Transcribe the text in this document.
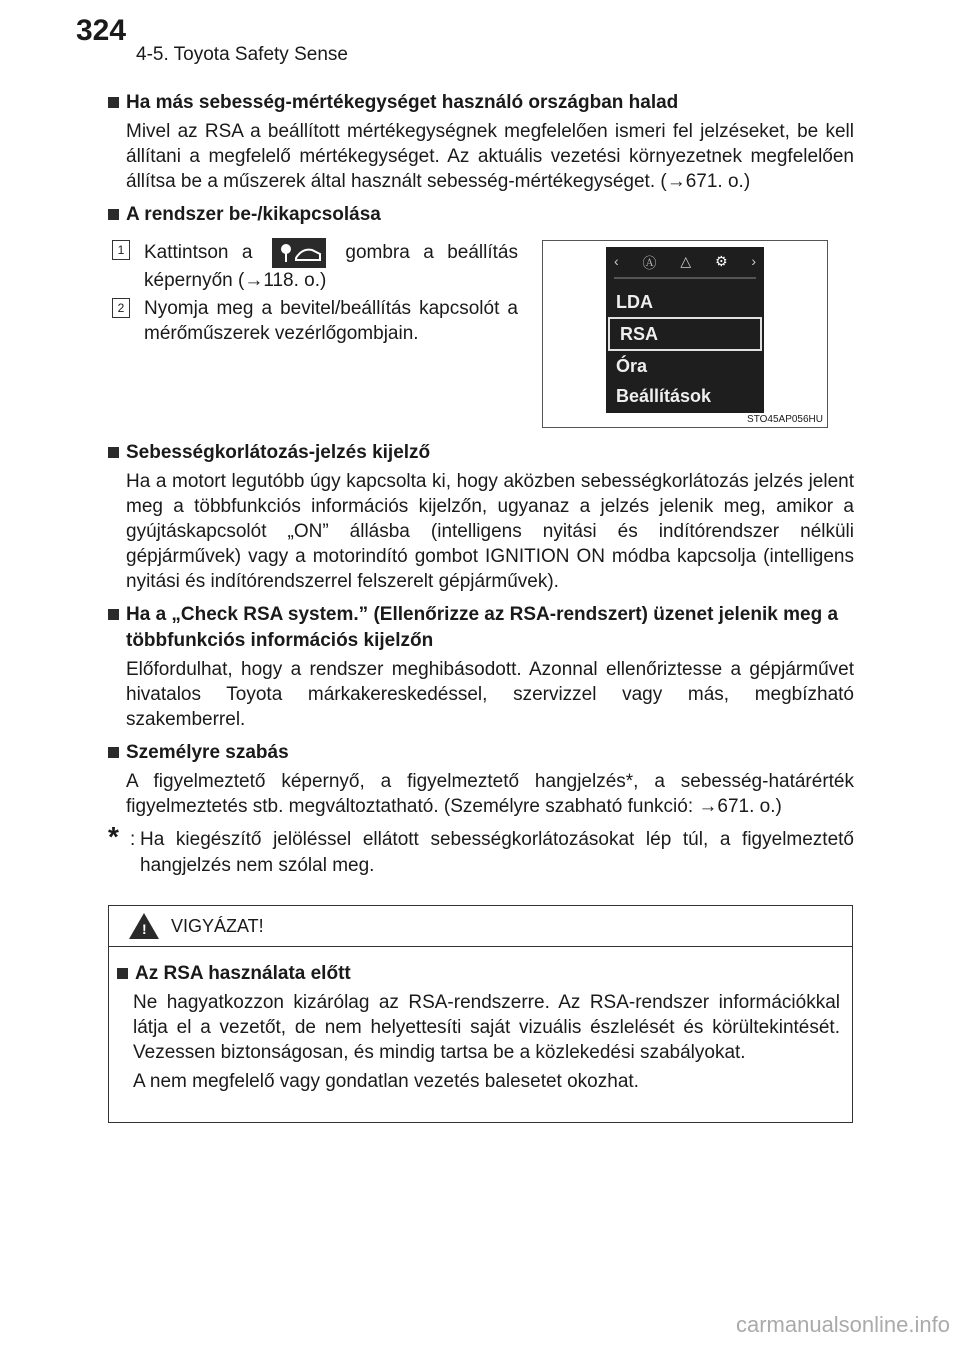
324
4-5. Toyota Safety Sense
Ha más sebesség-mértékegységet használó országban halad
Mivel az RSA a beállított mértékegységnek megfelelően ismeri fel jelzéseket, be kell állítani a megfelelő mértékegységet. Az aktuális vezetési környezetnek megfelelően állítsa be a műszerek által használt sebesség-mértékegységet. (→671. o.)
A rendszer be-/kikapcsolása
1	Kattintson a	gombra a beállítás képernyőn (→118. o.)
2	Nyomja meg a bevitel/beállítás kapcsolót a mérőműszerek vezérlőgombjain.
‹ Ⓐ △ ⚙ ›
LDA
RSA
Óra
Beállítások
STO45AP056HU
Sebességkorlátozás-jelzés kijelző
Ha a motort legutóbb úgy kapcsolta ki, hogy aközben sebességkorlátozás jelzés jelent meg a többfunkciós információs kijelzőn, ugyanaz a jelzés jelenik meg, amikor a gyújtáskapcsolót „ON” állásba (intelligens nyitási és indítórendszer nélküli gépjárművek) vagy a motorindító gombot IGNITION ON módba kapcsolja (intelligens nyitási és indítórendszerrel felszerelt gépjárművek).
Ha a „Check RSA system.” (Ellenőrizze az RSA-rendszert) üzenet jelenik meg a többfunkciós információs kijelzőn
Előfordulhat, hogy a rendszer meghibásodott. Azonnal ellenőriztesse a gépjárművet hivatalos Toyota márkakereskedéssel, szervizzel vagy más, megbízható szakemberrel.
Személyre szabás
A figyelmeztető képernyő, a figyelmeztető hangjelzés*, a sebesség-határérték figyelmeztetés stb. megváltoztatható. (Személyre szabható funkció: →671. o.)
* : Ha kiegészítő jelöléssel ellátott sebességkorlátozásokat lép túl, a figyelmeztető hangjelzés nem szólal meg.
! VIGYÁZAT!
Az RSA használata előtt
Ne hagyatkozzon kizárólag az RSA-rendszerre. Az RSA-rendszer információkkal látja el a vezetőt, de nem helyettesíti saját vizuális észlelését és körültekintését. Vezessen biztonságosan, és mindig tartsa be a közlekedési szabályokat.
A nem megfelelő vagy gondatlan vezetés balesetet okozhat.
carmanualsonline.info
